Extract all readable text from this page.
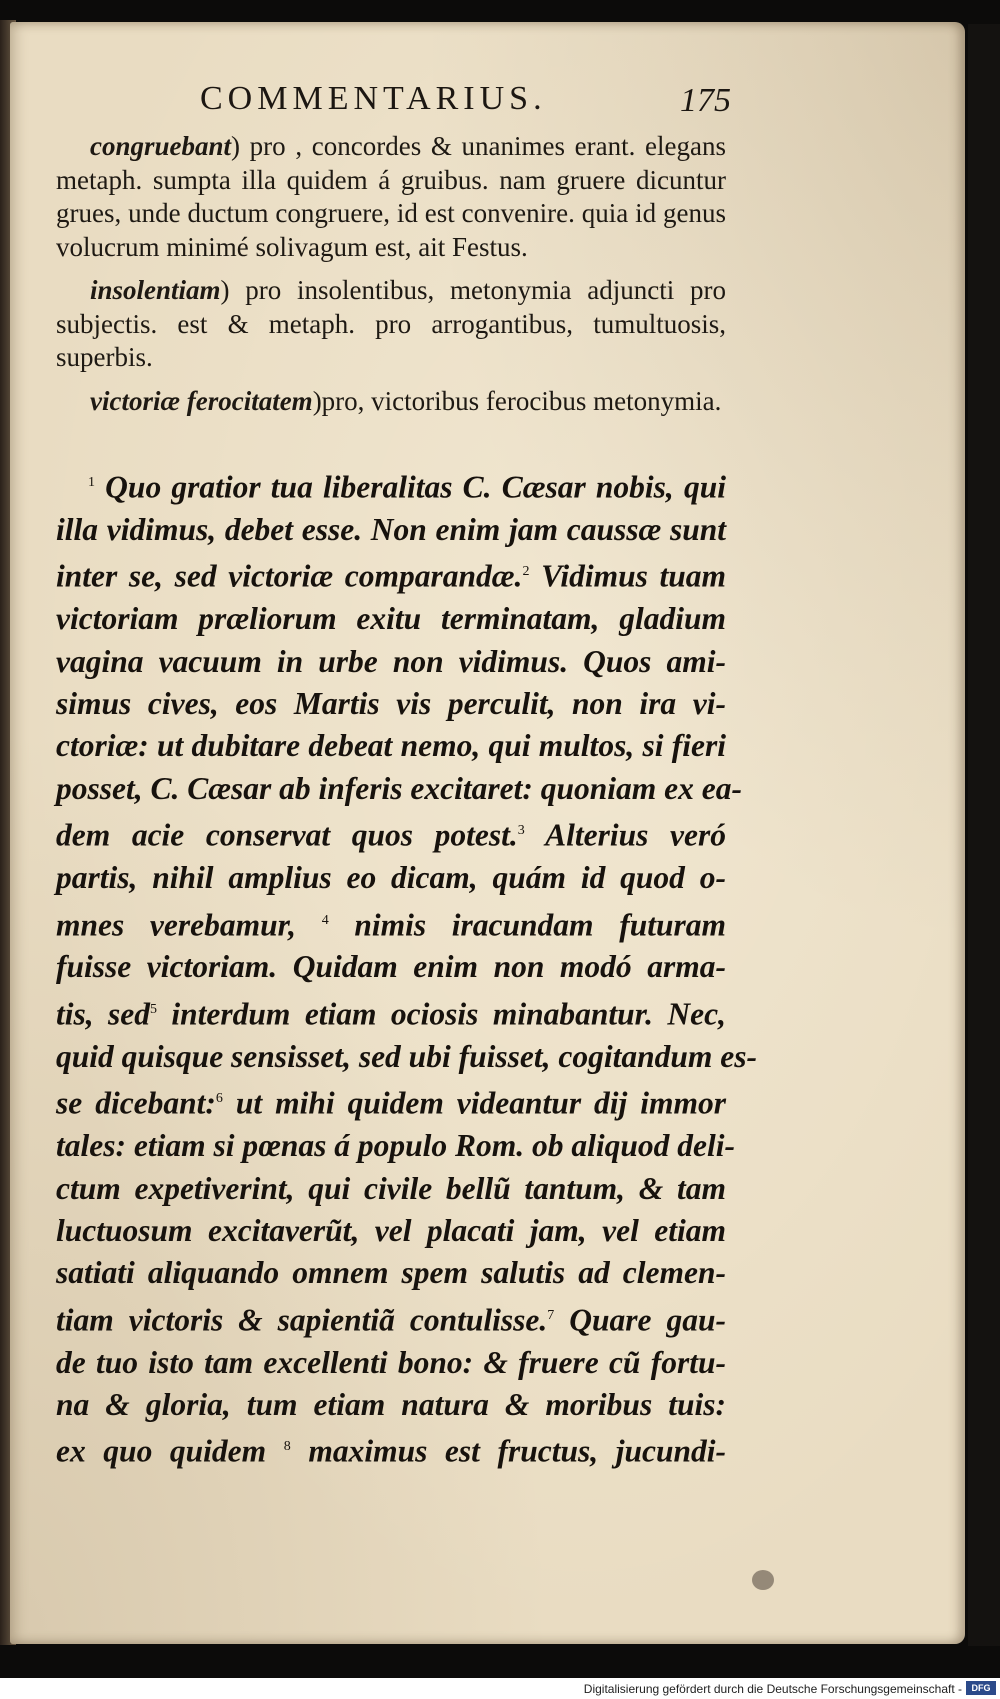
COMMENTARIUS.	175

congruebant) pro , concordes & unanimes erant. elegans metaph. sumpta illa quidem á gruibus. nam gruere dicuntur grues, unde ductum congruere, id est convenire. quia id genus volucrum minimé solivagum est, ait Festus.

insolentiam) pro insolentibus, metonymia adjuncti pro subjectis. est & metaph. pro arrogantibus, tumultuosis, superbis.

victoriæ ferocitatem)pro, victoribus ferocibus metonymia.

$^1$ Quo gratior tua liberalitas C. Cæsar nobis, qui
illa vidimus, debet esse. Non enim jam caussæ sunt
inter se, sed victoriæ comparandæ.$^2$ Vidimus tuam
victoriam præliorum exitu terminatam, gladium
vagina vacuum in urbe non vidimus. Quos ami-
simus cives, eos Martis vis perculit, non ira vi-
ctoriæ: ut dubitare debeat nemo, qui multos, si fieri
posset, C. Cæsar ab inferis excitaret: quoniam ex ea-
dem acie conservat quos potest.$^3$ Alterius veró
partis, nihil amplius eo dicam, quám id quod o-
mnes verebamur, $^4$ nimis iracundam futuram
fuisse victoriam. Quidam enim non modó arma-
tis, sed$^5$ interdum etiam ociosis minabantur. Nec,
quid quisque sensisset, sed ubi fuisset, cogitandum es-
se dicebant:$^6$ ut mihi quidem videantur dij immor
tales: etiam si pœnas á populo Rom. ob aliquod deli-
ctum expetiverint, qui civile bellũ tantum, & tam
luctuosum excitaverũt, vel placati jam, vel etiam
satiati aliquando omnem spem salutis ad clemen-
tiam victoris & sapientiã contulisse.$^7$ Quare gau-
de tuo isto tam excellenti bono: & fruere cũ fortu-
na & gloria, tum etiam natura & moribus tuis:
ex quo quidem $^8$ maximus est fructus, jucundi-
Digitalisierung gefördert durch die Deutsche Forschungsgemeinschaft -	DFG
